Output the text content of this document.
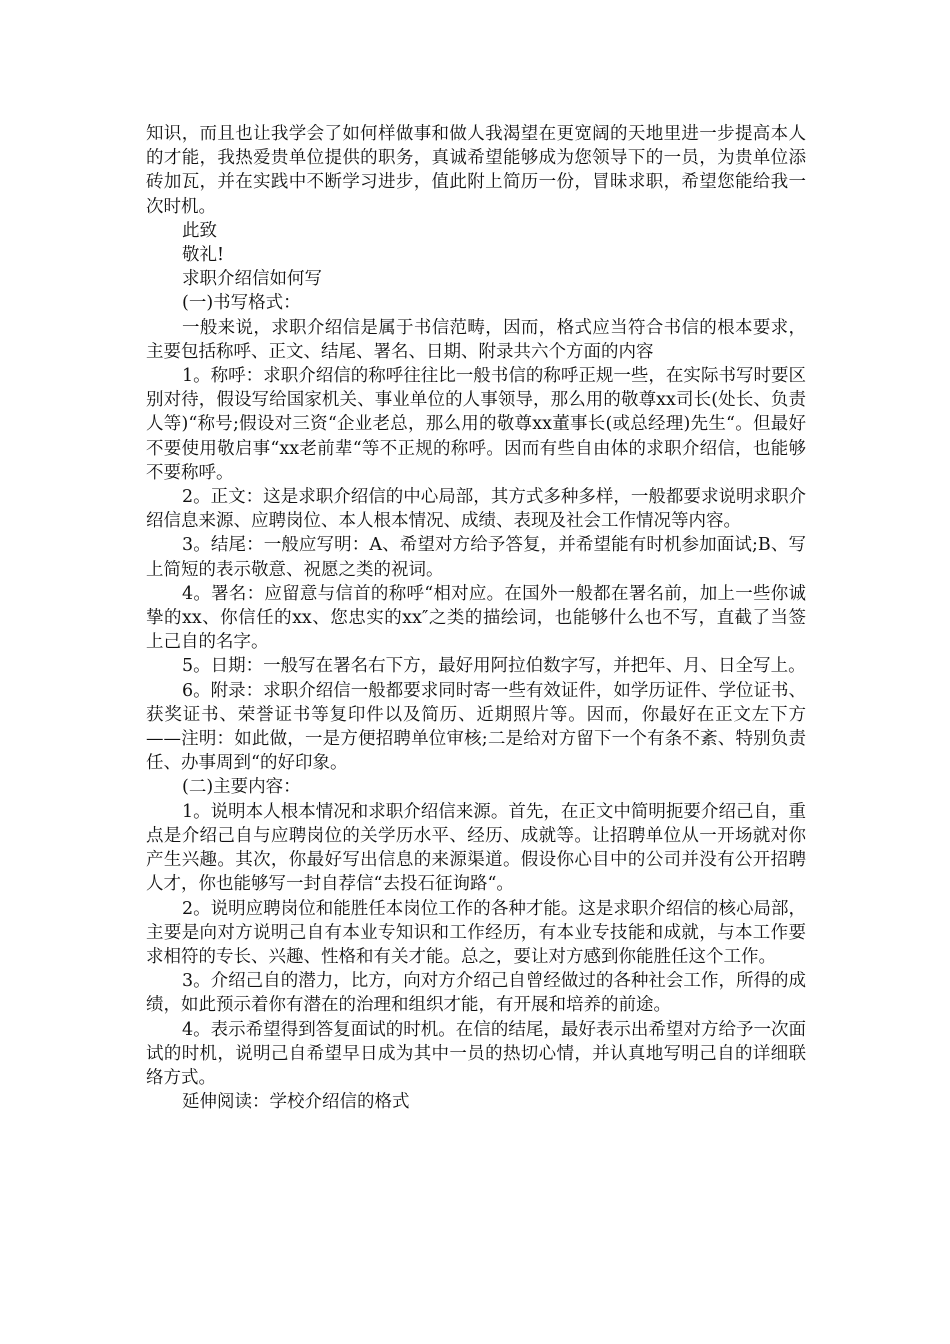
知识，而且也让我学会了如何样做事和做人我渴望在更宽阔的天地里进一步提高本人的才能，我热爱贵单位提供的职务，真诚希望能够成为您领导下的一员，为贵单位添砖加瓦，并在实践中不断学习进步，值此附上简历一份，冒昧求职，希望您能给我一次时机。

此致

敬礼!

求职介绍信如何写

(一)书写格式：

一般来说，求职介绍信是属于书信范畴，因而，格式应当符合书信的根本要求，主要包括称呼、正文、结尾、署名、日期、附录共六个方面的内容

1。称呼：求职介绍信的称呼往往比一般书信的称呼正规一些，在实际书写时要区别对待，假设写给国家机关、事业单位的人事领导，那么用的敬尊xx司长(处长、负责人等)“称号;假设对三资“企业老总，那么用的敬尊xx董事长(或总经理)先生“。但最好不要使用敬启事“xx老前辈“等不正规的称呼。因而有些自由体的求职介绍信，也能够不要称呼。

2。正文：这是求职介绍信的中心局部，其方式多种多样，一般都要求说明求职介绍信息来源、应聘岗位、本人根本情况、成绩、表现及社会工作情况等内容。

3。结尾：一般应写明：A、希望对方给予答复，并希望能有时机参加面试;B、写上简短的表示敬意、祝愿之类的祝词。

4。署名：应留意与信首的称呼“相对应。在国外一般都在署名前，加上一些你诚挚的xx、你信任的xx、您忠实的xx″之类的描绘词，也能够什么也不写，直截了当签上己自的名字。

5。日期：一般写在署名右下方，最好用阿拉伯数字写，并把年、月、日全写上。

6。附录：求职介绍信一般都要求同时寄一些有效证件，如学历证件、学位证书、获奖证书、荣誉证书等复印件以及简历、近期照片等。因而，你最好在正文左下方——注明：如此做，一是方便招聘单位审核;二是给对方留下一个有条不紊、特别负责任、办事周到“的好印象。

(二)主要内容：

1。说明本人根本情况和求职介绍信来源。首先，在正文中简明扼要介绍己自，重点是介绍己自与应聘岗位的关学历水平、经历、成就等。让招聘单位从一开场就对你产生兴趣。其次，你最好写出信息的来源渠道。假设你心目中的公司并没有公开招聘人才，你也能够写一封自荐信“去投石征询路“。

2。说明应聘岗位和能胜任本岗位工作的各种才能。这是求职介绍信的核心局部，主要是向对方说明己自有本业专知识和工作经历，有本业专技能和成就，与本工作要求相符的专长、兴趣、性格和有关才能。总之，要让对方感到你能胜任这个工作。

3。介绍己自的潜力，比方，向对方介绍己自曾经做过的各种社会工作，所得的成绩，如此预示着你有潜在的治理和组织才能，有开展和培养的前途。

4。表示希望得到答复面试的时机。在信的结尾，最好表示出希望对方给予一次面试的时机，说明己自希望早日成为其中一员的热切心情，并认真地写明己自的详细联络方式。

延伸阅读：学校介绍信的格式
